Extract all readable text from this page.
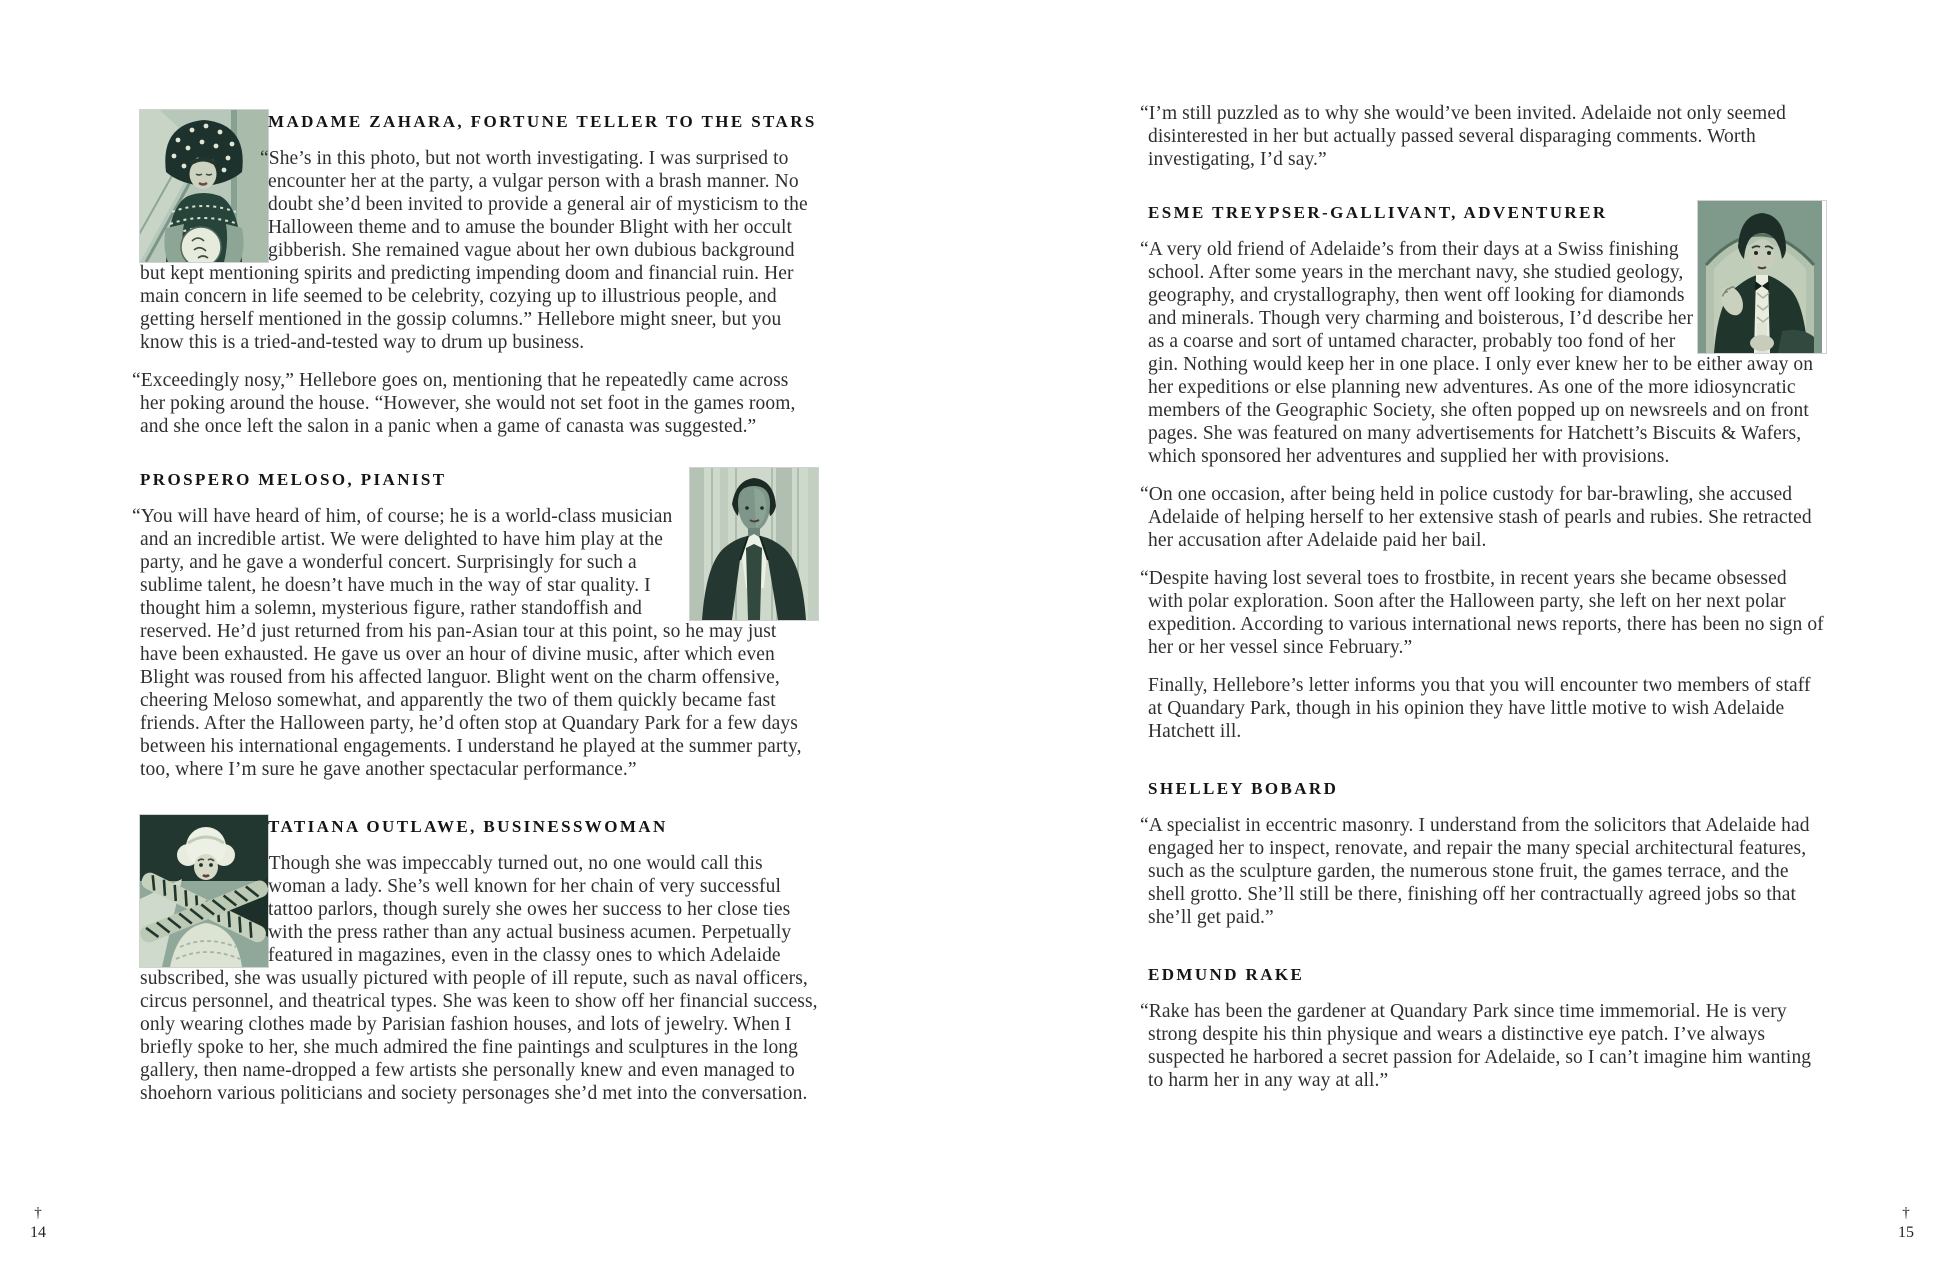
MADAME ZAHARA, FORTUNE TELLER TO THE STARS

“She’s in this photo, but not worth investigating. I was surprised to encounter her at the party, a vulgar person with a brash manner. No doubt she’d been invited to provide a general air of mysticism to the Halloween theme and to amuse the bounder Blight with her occult gibberish. She remained vague about her own dubious background but kept mentioning spirits and predicting impending doom and financial ruin. Her main concern in life seemed to be celebrity, cozying up to illustrious people, and getting herself mentioned in the gossip columns.” Hellebore might sneer, but you know this is a tried-and-tested way to drum up business.

“Exceedingly nosy,” Hellebore goes on, mentioning that he repeatedly came across her poking around the house. “However, she would not set foot in the games room, and she once left the salon in a panic when a game of canasta was suggested.”

PROSPERO MELOSO, PIANIST

“You will have heard of him, of course; he is a world-class musician and an incredible artist. We were delighted to have him play at the party, and he gave a wonderful concert. Surprisingly for such a sublime talent, he doesn’t have much in the way of star quality. I thought him a solemn, mysterious figure, rather standoffish and reserved. He’d just returned from his pan-Asian tour at this point, so he may just have been exhausted. He gave us over an hour of divine music, after which even Blight was roused from his affected languor. Blight went on the charm offensive, cheering Meloso somewhat, and apparently the two of them quickly became fast friends. After the Halloween party, he’d often stop at Quandary Park for a few days between his international engagements. I understand he played at the summer party, too, where I’m sure he gave another spectacular performance.”

TATIANA OUTLAWE, BUSINESSWOMAN

“Though she was impeccably turned out, no one would call this woman a lady. She’s well known for her chain of very successful tattoo parlors, though surely she owes her success to her close ties with the press rather than any actual business acumen. Perpetually featured in magazines, even in the classy ones to which Adelaide subscribed, she was usually pictured with people of ill repute, such as naval officers, circus personnel, and theatrical types. She was keen to show off her financial success, only wearing clothes made by Parisian fashion houses, and lots of jewelry. When I briefly spoke to her, she much admired the fine paintings and sculptures in the long gallery, then name-dropped a few artists she personally knew and even managed to shoehorn various politicians and society personages she’d met into the conversation.

“I’m still puzzled as to why she would’ve been invited. Adelaide not only seemed disinterested in her but actually passed several disparaging comments. Worth investigating, I’d say.”

ESME TREYPSER-GALLIVANT, ADVENTURER

“A very old friend of Adelaide’s from their days at a Swiss finishing school. After some years in the merchant navy, she studied geology, geography, and crystallography, then went off looking for diamonds and minerals. Though very charming and boisterous, I’d describe her as a coarse and sort of untamed character, probably too fond of her gin. Nothing would keep her in one place. I only ever knew her to be either away on her expeditions or else planning new adventures. As one of the more idiosyncratic members of the Geographic Society, she often popped up on newsreels and on front pages. She was featured on many advertisements for Hatchett’s Biscuits & Wafers, which sponsored her adventures and supplied her with provisions.

“On one occasion, after being held in police custody for bar-brawling, she accused Adelaide of helping herself to her extensive stash of pearls and rubies. She retracted her accusation after Adelaide paid her bail.

“Despite having lost several toes to frostbite, in recent years she became obsessed with polar exploration. Soon after the Halloween party, she left on her next polar expedition. According to various international news reports, there has been no sign of her or her vessel since February.”

Finally, Hellebore’s letter informs you that you will encounter two members of staff at Quandary Park, though in his opinion they have little motive to wish Adelaide Hatchett ill.

SHELLEY BOBARD

“A specialist in eccentric masonry. I understand from the solicitors that Adelaide had engaged her to inspect, renovate, and repair the many special architectural features, such as the sculpture garden, the numerous stone fruit, the games terrace, and the shell grotto. She’ll still be there, finishing off her contractually agreed jobs so that she’ll get paid.”

EDMUND RAKE

“Rake has been the gardener at Quandary Park since time immemorial. He is very strong despite his thin physique and wears a distinctive eye patch. I’ve always suspected he harbored a secret passion for Adelaide, so I can’t imagine him wanting to harm her in any way at all.”

†
14
†
15
